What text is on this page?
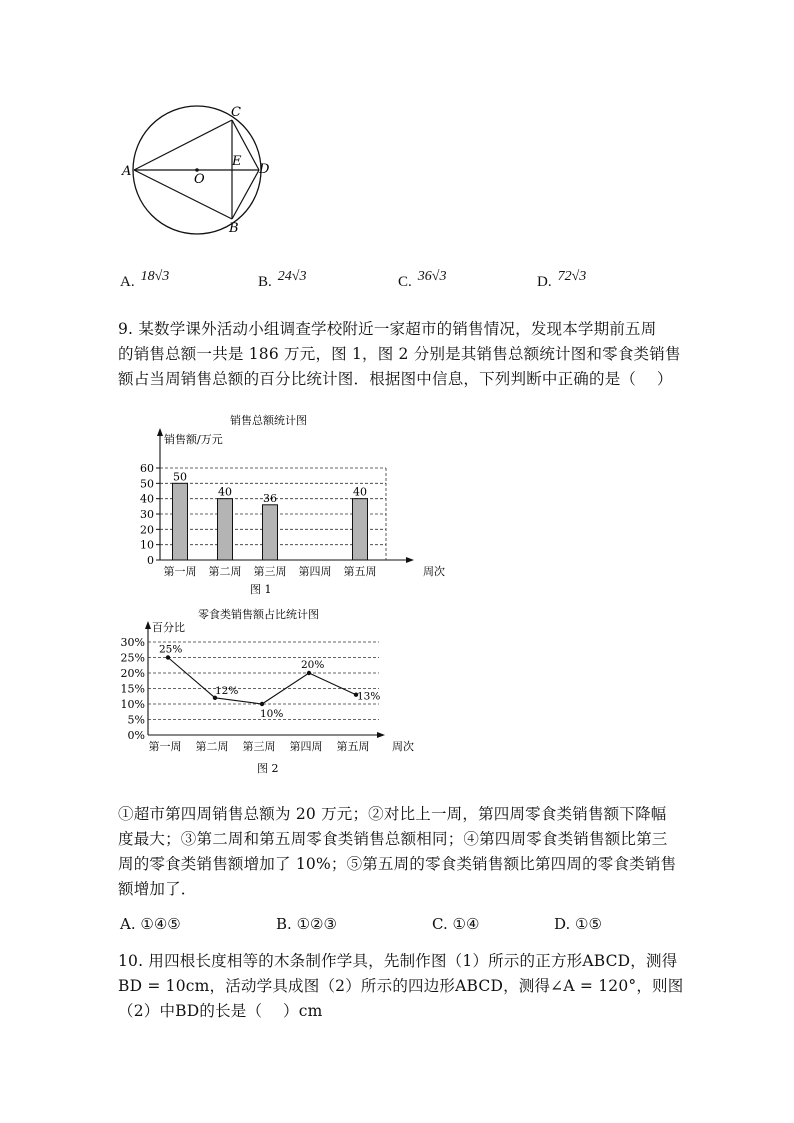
C
A
O
E
D
B
A. 18√3	B. 24√3	C. 36√3	D. 72√3
9. 某数学课外活动小组调查学校附近一家超市的销售情况，发现本学期前五周
的销售总额一共是 186 万元，图 1，图 2 分别是其销售总额统计图和零食类销售
额占当周销售总额的百分比统计图．根据图中信息，下列判断中正确的是（　 ）
销售总额统计图
销售额/万元
周次
0
10
20
30
40
50
60
50
40	36	40
第一周 第二周 第三周 第四周 第五周
图 1
零食类销售额占比统计图
百分比
周次
0%
5%
10%
15%
20%
25%
30%
25%
12%
10%
20%
13%
第一周 第二周 第三周 第四周 第五周
图 2
①超市第四周销售总额为 20 万元；②对比上一周，第四周零食类销售额下降幅
度最大；③第二周和第五周零食类销售总额相同；④第四周零食类销售额比第三
周的零食类销售额增加了 10%；⑤第五周的零食类销售额比第四周的零食类销售
额增加了．
A. ①④⑤	B. ①②③	C. ①④	D. ①⑤
10. 用四根长度相等的木条制作学具，先制作图（1）所示的正方形ABCD，测得
BD = 10cm，活动学具成图（2）所示的四边形ABCD，测得∠A = 120°，则图
（2）中BD的长是（　 ）cm
